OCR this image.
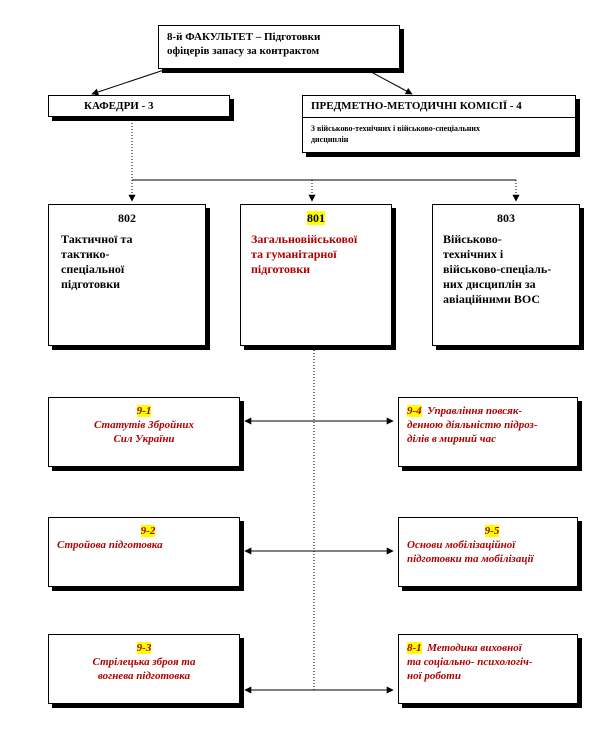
8-й ФАКУЛЬТЕТ – Підготовки
офіцерів запасу за контрактом
КАФЕДРИ - 3	ПРЕДМЕТНО-МЕТОДИЧНІ КОМІСІЇ - 4
3 військово-технічних і військово-спеціальних
дисциплін
802
Тактичної та
тактико-
спеціальної
підготовки
801
Загальновійськової
та гуманітарної
підготовки
803
Військово-
технічних і
військово-спеціаль-
них дисциплін за
авіаційними ВОС
9-1
Статутів Збройних
Сил України
9-4 Управління повсяк-
денною діяльністю підроз-
ділів в мирний час
9-2
Стройова підготовка
9-5
Основи мобілізаційної
підготовки та мобілізації
9-3
Стрілецька зброя та
вогнева підготовка
8-1 Методика виховної
та соціально- психологіч-
ної роботи
